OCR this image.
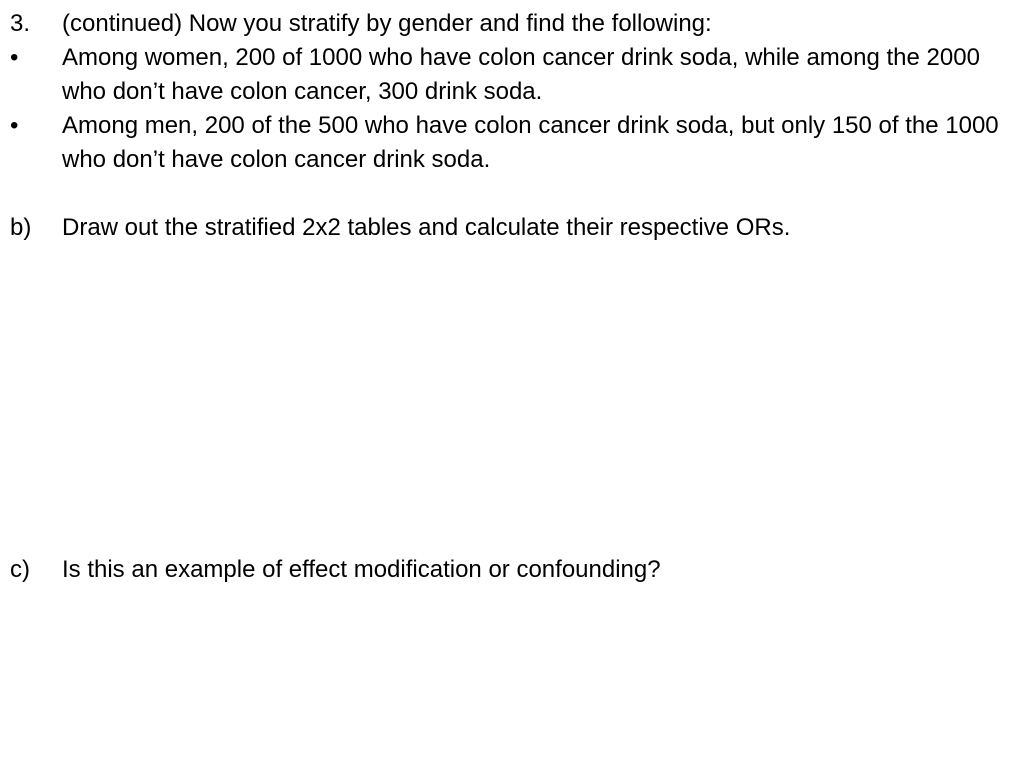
3.	(continued) Now you stratify by gender and find the following:
•	Among women, 200 of 1000 who have colon cancer drink soda, while among the 2000 who don’t have colon cancer, 300 drink soda.
•	Among men, 200 of the 500 who have colon cancer drink soda, but only 150 of the 1000 who don’t have colon cancer drink soda.
b)	Draw out the stratified 2x2 tables and calculate their respective ORs.
c)	Is this an example of effect modification or confounding?
